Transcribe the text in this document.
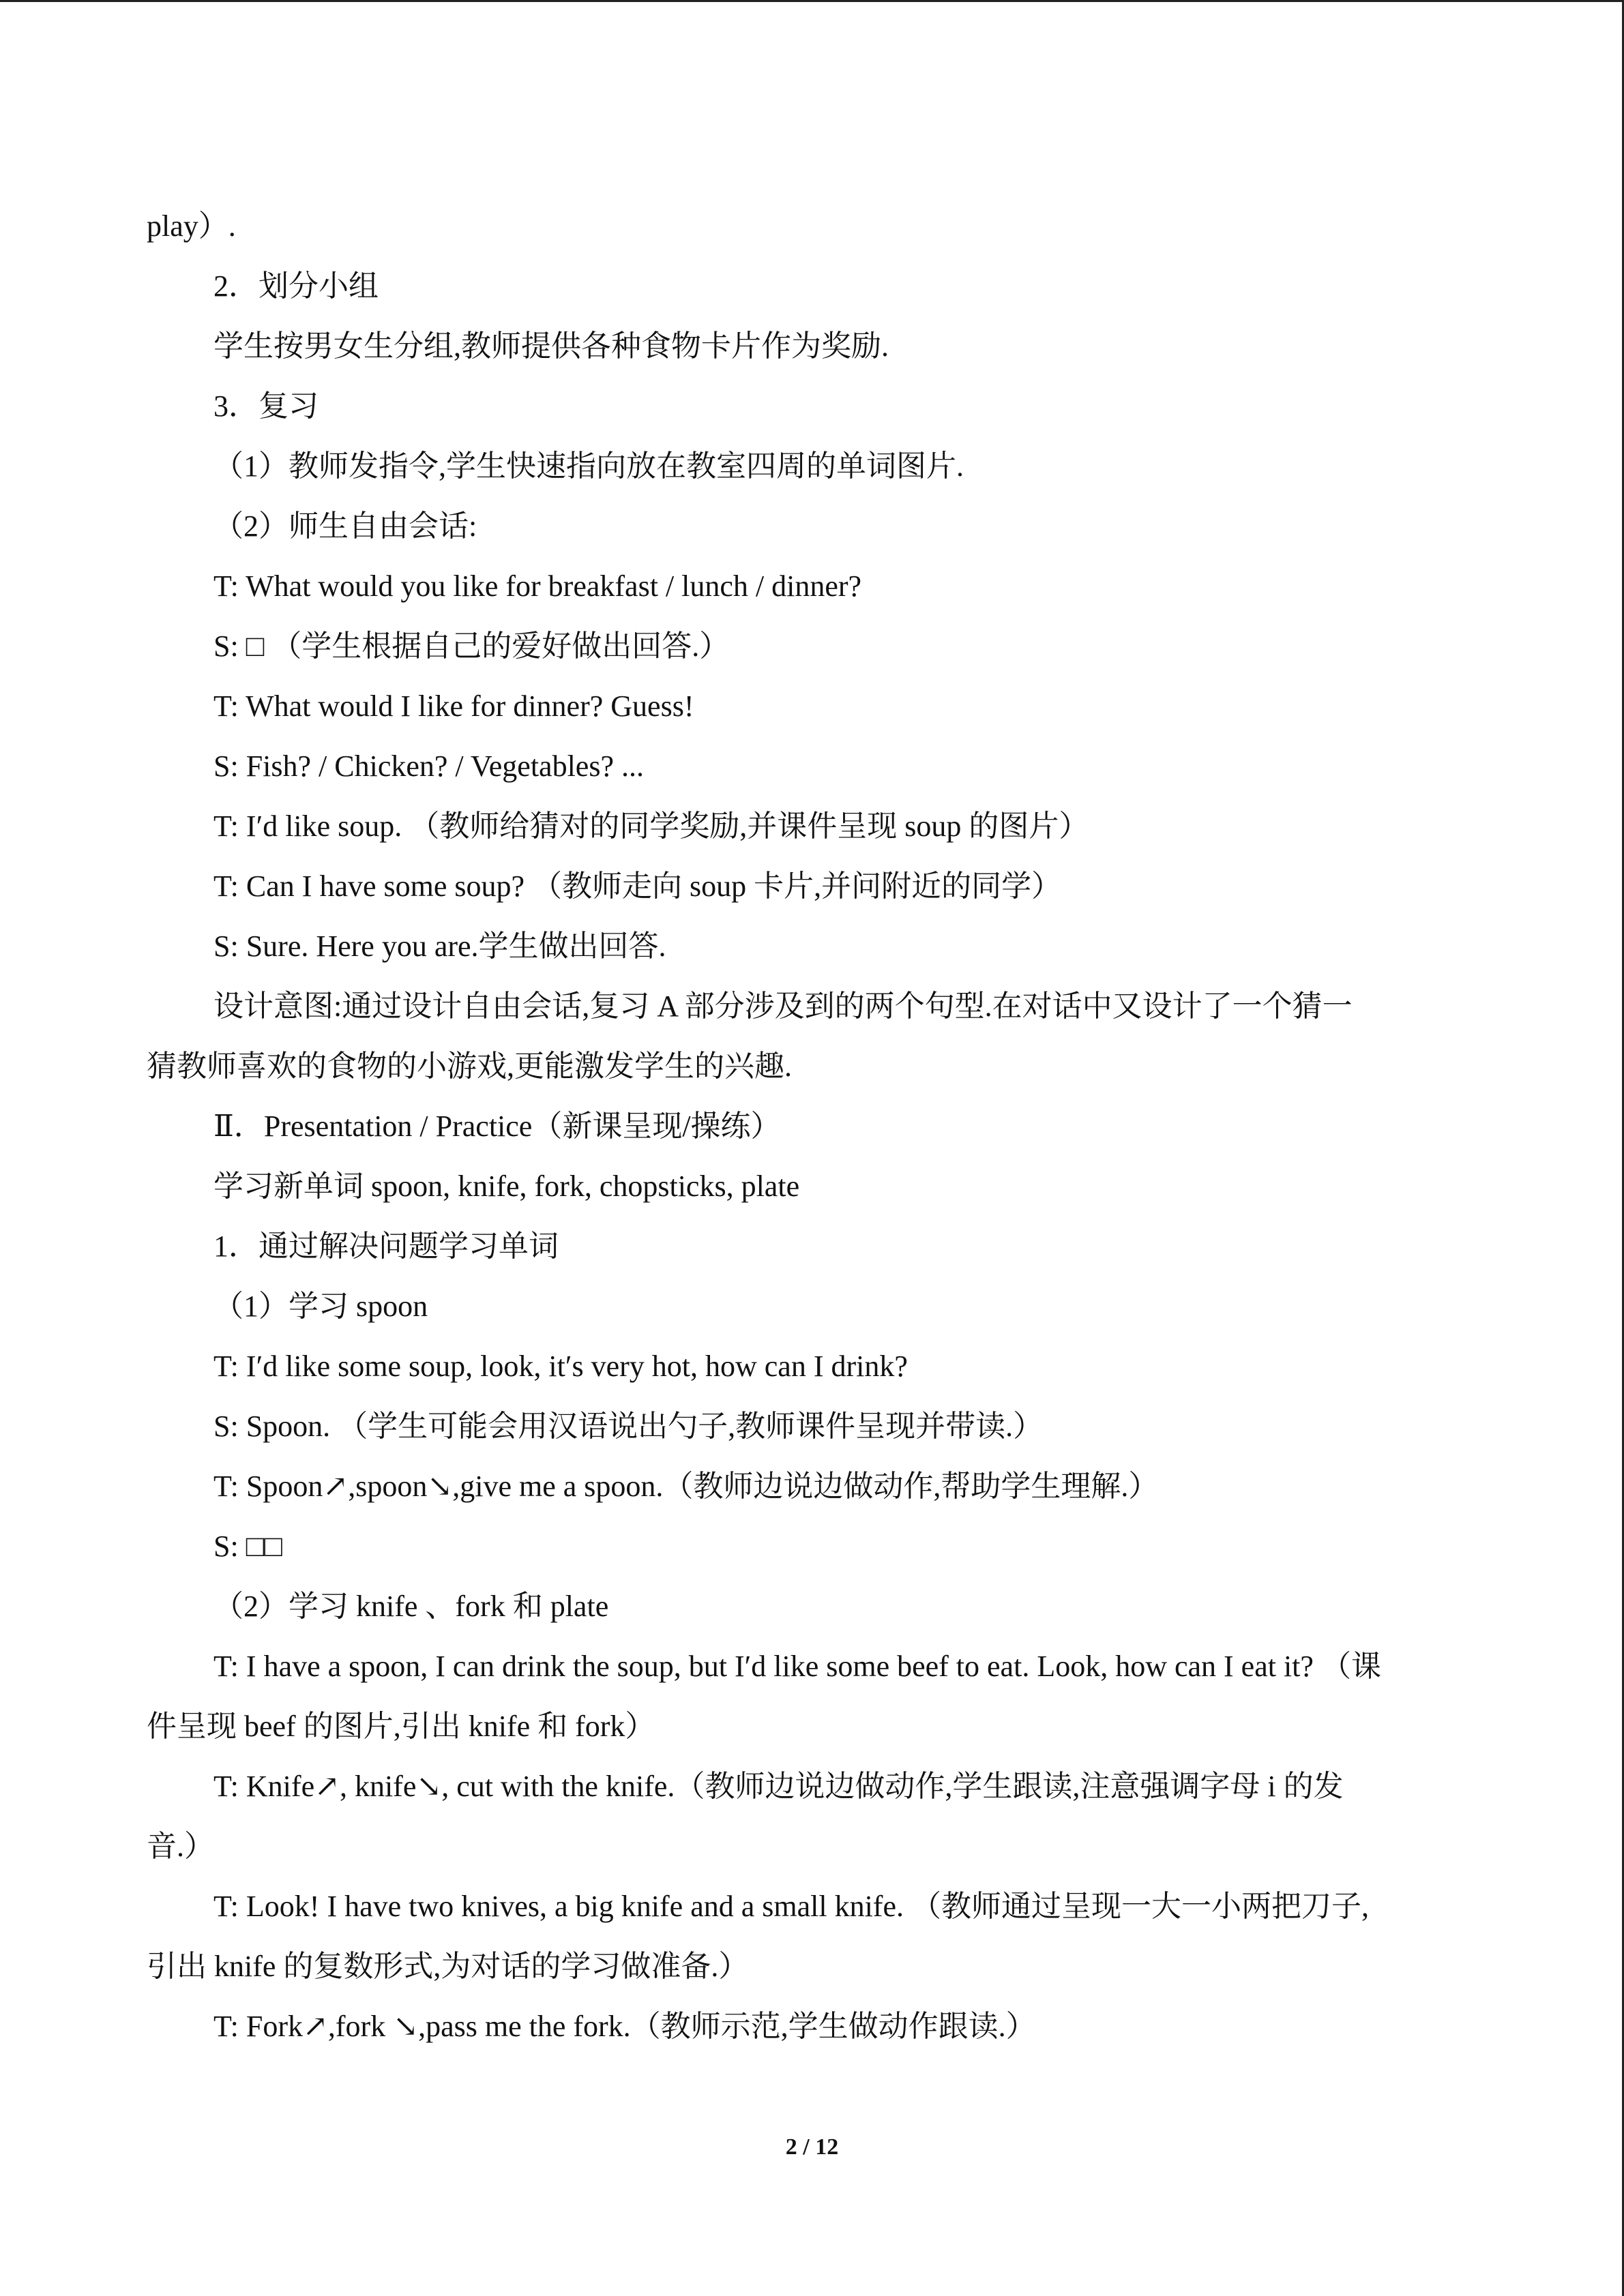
play）.
2．划分小组
学生按男女生分组,教师提供各种食物卡片作为奖励.
3．复习
（1）教师发指令,学生快速指向放在教室四周的单词图片.
（2）师生自由会话:
T: What would you like for breakfast / lunch / dinner?
S: □ （学生根据自己的爱好做出回答.）
T: What would I like for dinner? Guess!
S: Fish? / Chicken? / Vegetables? ...
T: I′d like soup. （教师给猜对的同学奖励,并课件呈现 soup 的图片）
T: Can I have some soup? （教师走向 soup 卡片,并问附近的同学）
S: Sure. Here you are.学生做出回答.
设计意图:通过设计自由会话,复习 A 部分涉及到的两个句型.在对话中又设计了一个猜一
猜教师喜欢的食物的小游戏,更能激发学生的兴趣.
Ⅱ．Presentation / Practice（新课呈现/操练）
学习新单词 spoon, knife, fork, chopsticks, plate
1．通过解决问题学习单词
（1）学习 spoon
T: I′d like some soup, look, it′s very hot, how can I drink?
S: Spoon. （学生可能会用汉语说出勺子,教师课件呈现并带读.）
T: Spoon↗,spoon↘,give me a spoon.（教师边说边做动作,帮助学生理解.）
S: □□
（2）学习 knife 、fork 和 plate
T: I have a spoon, I can drink the soup, but I′d like some beef to eat. Look, how can I eat it? （课
件呈现 beef 的图片,引出 knife 和 fork）
T: Knife↗, knife↘, cut with the knife.（教师边说边做动作,学生跟读,注意强调字母 i 的发
音.）
T: Look! I have two knives, a big knife and a small knife. （教师通过呈现一大一小两把刀子,
引出 knife 的复数形式,为对话的学习做准备.）
T: Fork↗,fork ↘,pass me the fork.（教师示范,学生做动作跟读.）
2 / 12
